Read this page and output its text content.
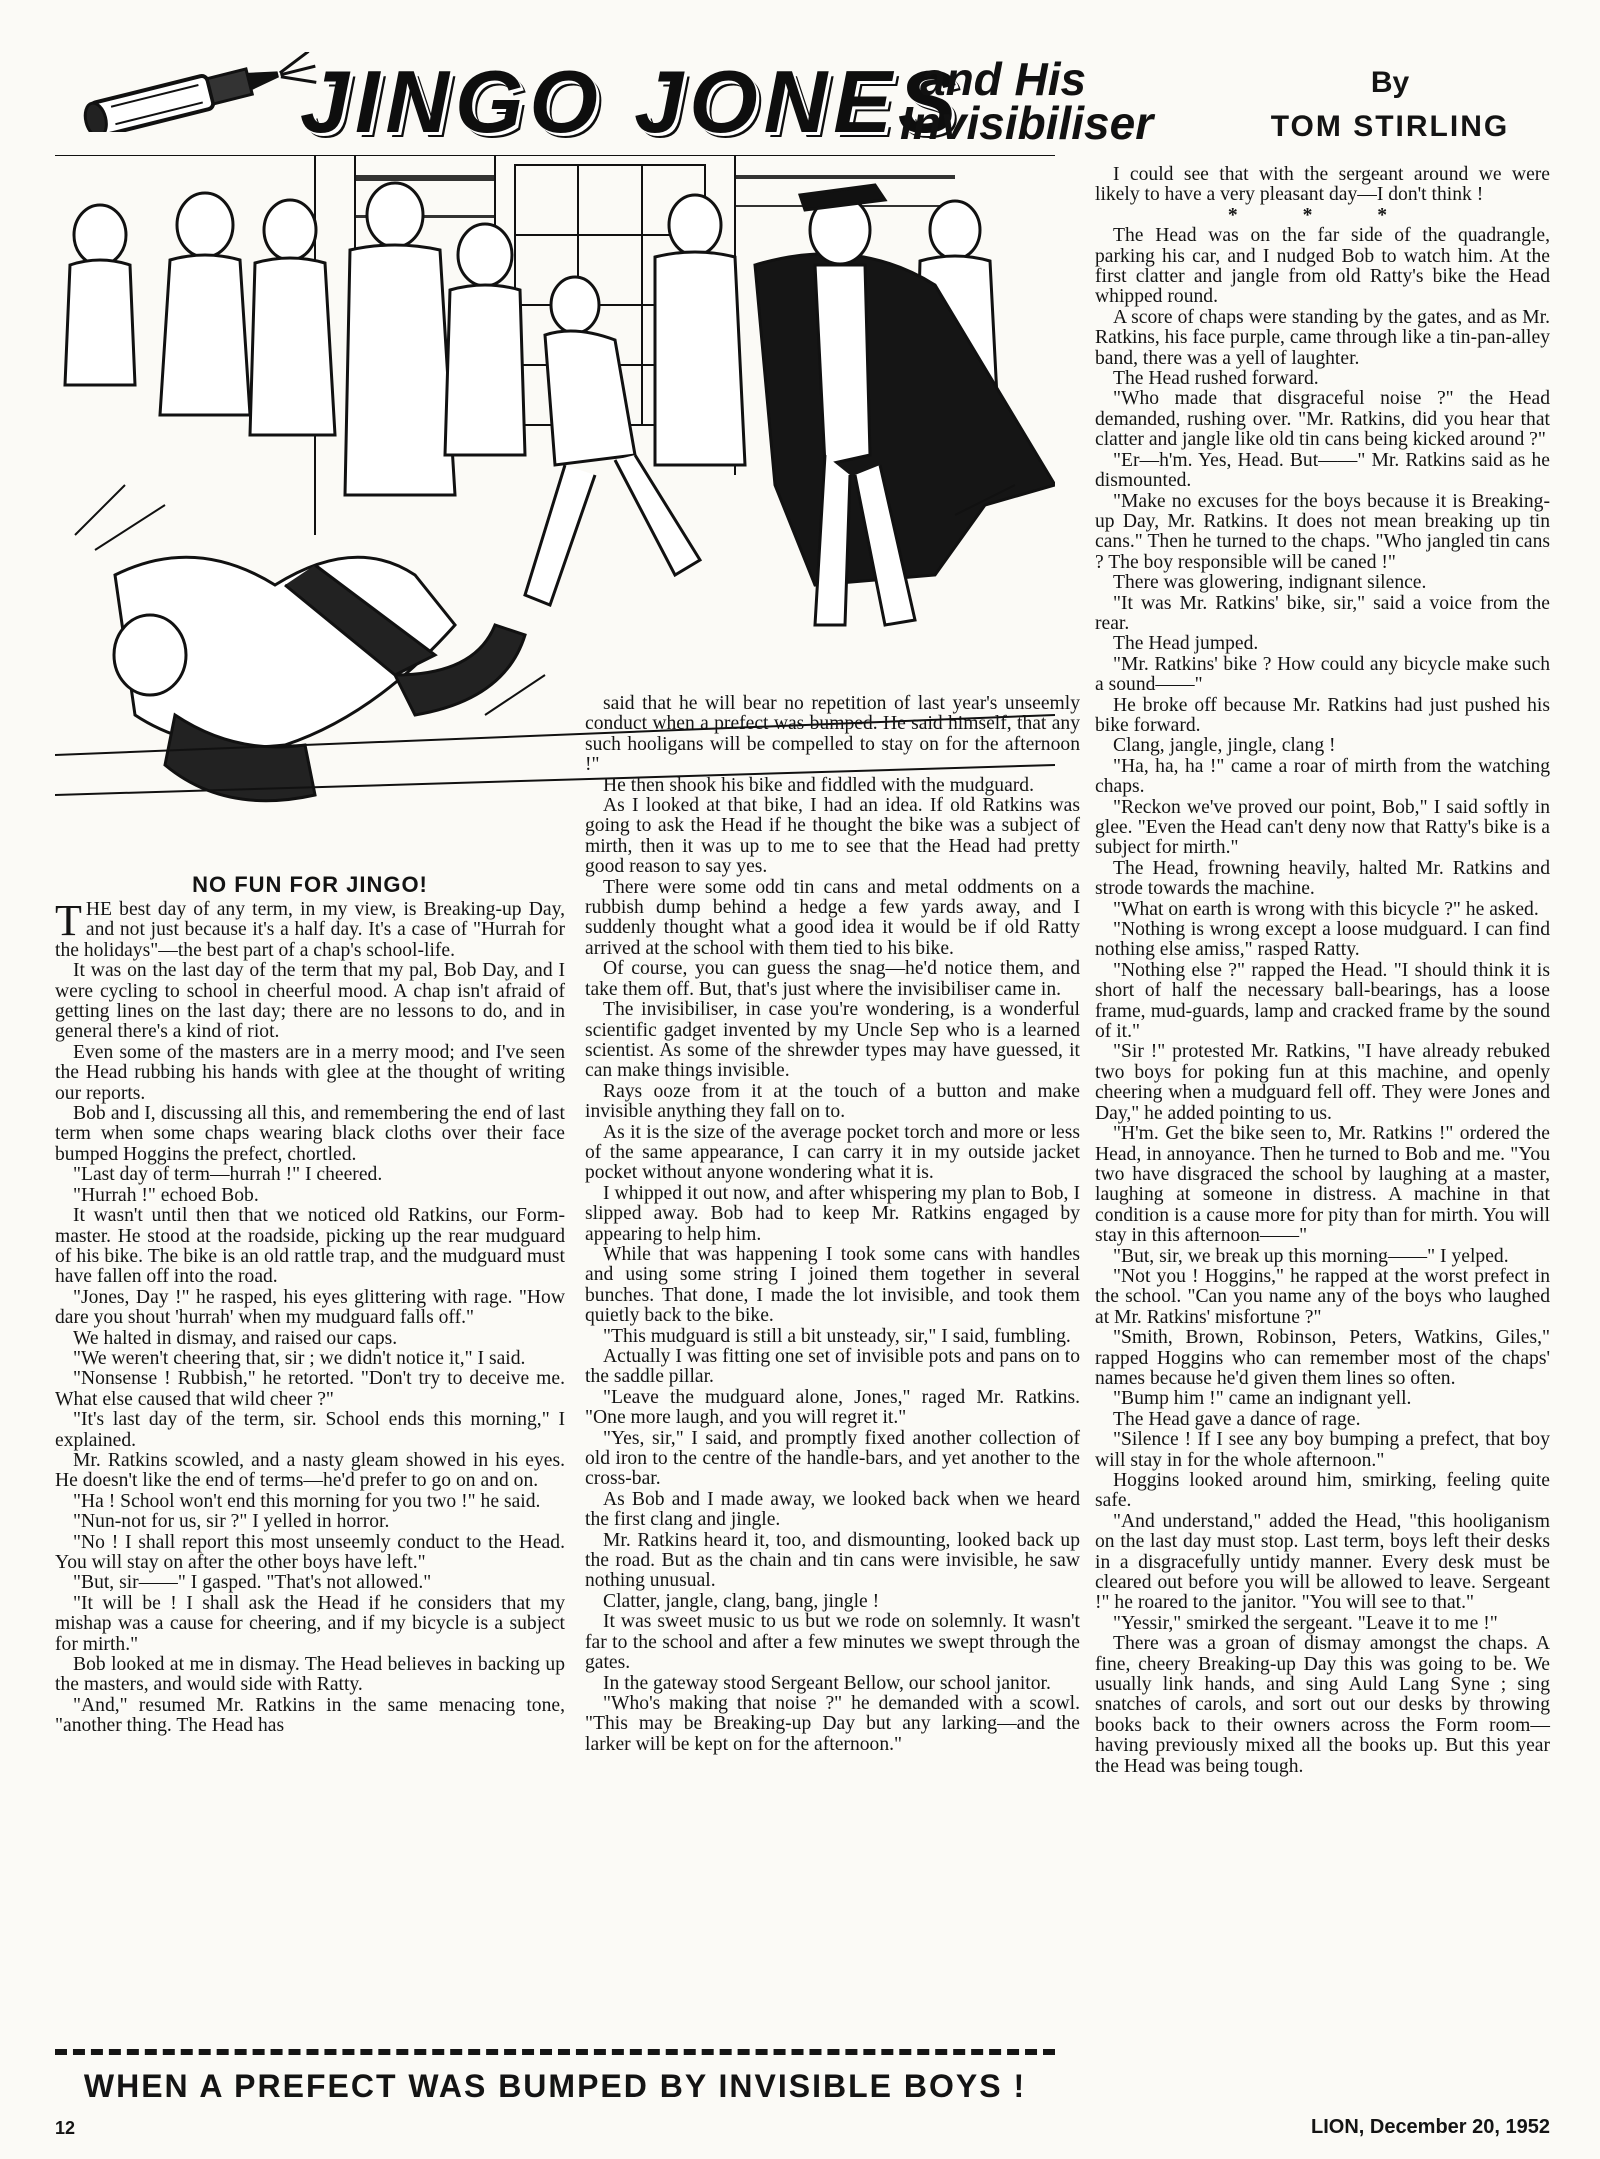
JINGO JONES
and His
Invisibiliser
By
TOM STIRLING
NO FUN FOR JINGO!

THE best day of any term, in my view, is Breaking-up Day, and not just because it's a half day. It's a case of "Hurrah for the holidays"—the best part of a chap's school-life.

It was on the last day of the term that my pal, Bob Day, and I were cycling to school in cheerful mood. A chap isn't afraid of getting lines on the last day; there are no lessons to do, and in general there's a kind of riot.

Even some of the masters are in a merry mood; and I've seen the Head rubbing his hands with glee at the thought of writing our reports.

Bob and I, discussing all this, and remembering the end of last term when some chaps wearing black cloths over their face bumped Hoggins the prefect, chortled.

"Last day of term—hurrah !" I cheered.

"Hurrah !" echoed Bob.

It wasn't until then that we noticed old Ratkins, our Form-master. He stood at the roadside, picking up the rear mudguard of his bike. The bike is an old rattle trap, and the mudguard must have fallen off into the road.

"Jones, Day !" he rasped, his eyes glittering with rage. "How dare you shout 'hurrah' when my mudguard falls off."

We halted in dismay, and raised our caps.

"We weren't cheering that, sir ; we didn't notice it," I said.

"Nonsense ! Rubbish," he retorted. "Don't try to deceive me. What else caused that wild cheer ?"

"It's last day of the term, sir. School ends this morning," I explained.

Mr. Ratkins scowled, and a nasty gleam showed in his eyes. He doesn't like the end of terms—he'd prefer to go on and on.

"Ha ! School won't end this morning for you two !" he said.

"Nun-not for us, sir ?" I yelled in horror.

"No ! I shall report this most unseemly conduct to the Head. You will stay on after the other boys have left."

"But, sir——" I gasped. "That's not allowed."

"It will be ! I shall ask the Head if he considers that my mishap was a cause for cheering, and if my bicycle is a subject for mirth."

Bob looked at me in dismay. The Head believes in backing up the masters, and would side with Ratty.

"And," resumed Mr. Ratkins in the same menacing tone, "another thing. The Head has

said that he will bear no repetition of last year's unseemly conduct when a prefect was bumped. He said himself, that any such hooligans will be compelled to stay on for the afternoon !"

He then shook his bike and fiddled with the mudguard.

As I looked at that bike, I had an idea. If old Ratkins was going to ask the Head if he thought the bike was a subject of mirth, then it was up to me to see that the Head had pretty good reason to say yes.

There were some odd tin cans and metal oddments on a rubbish dump behind a hedge a few yards away, and I suddenly thought what a good idea it would be if old Ratty arrived at the school with them tied to his bike.

Of course, you can guess the snag—he'd notice them, and take them off. But, that's just where the invisibiliser came in.

The invisibiliser, in case you're wondering, is a wonderful scientific gadget invented by my Uncle Sep who is a learned scientist. As some of the shrewder types may have guessed, it can make things invisible.

Rays ooze from it at the touch of a button and make invisible anything they fall on to.

As it is the size of the average pocket torch and more or less of the same appearance, I can carry it in my outside jacket pocket without anyone wondering what it is.

I whipped it out now, and after whispering my plan to Bob, I slipped away. Bob had to keep Mr. Ratkins engaged by appearing to help him.

While that was happening I took some cans with handles and using some string I joined them together in several bunches. That done, I made the lot invisible, and took them quietly back to the bike.

"This mudguard is still a bit unsteady, sir," I said, fumbling.

Actually I was fitting one set of invisible pots and pans on to the saddle pillar.

"Leave the mudguard alone, Jones," raged Mr. Ratkins. "One more laugh, and you will regret it."

"Yes, sir," I said, and promptly fixed another collection of old iron to the centre of the handle-bars, and yet another to the cross-bar.

As Bob and I made away, we looked back when we heard the first clang and jingle.

Mr. Ratkins heard it, too, and dismounting, looked back up the road. But as the chain and tin cans were invisible, he saw nothing unusual.

Clatter, jangle, clang, bang, jingle !

It was sweet music to us but we rode on solemnly. It wasn't far to the school and after a few minutes we swept through the gates.

In the gateway stood Sergeant Bellow, our school janitor.

"Who's making that noise ?" he demanded with a scowl. "This may be Breaking-up Day but any larking—and the larker will be kept on for the afternoon."

I could see that with the sergeant around we were likely to have a very pleasant day—I don't think !

* * *

The Head was on the far side of the quadrangle, parking his car, and I nudged Bob to watch him. At the first clatter and jangle from old Ratty's bike the Head whipped round.

A score of chaps were standing by the gates, and as Mr. Ratkins, his face purple, came through like a tin-pan-alley band, there was a yell of laughter.

The Head rushed forward.

"Who made that disgraceful noise ?" the Head demanded, rushing over. "Mr. Ratkins, did you hear that clatter and jangle like old tin cans being kicked around ?"

"Er—h'm. Yes, Head. But——" Mr. Ratkins said as he dismounted.

"Make no excuses for the boys because it is Breaking-up Day, Mr. Ratkins. It does not mean breaking up tin cans." Then he turned to the chaps. "Who jangled tin cans ? The boy responsible will be caned !"

There was glowering, indignant silence.

"It was Mr. Ratkins' bike, sir," said a voice from the rear.

The Head jumped.

"Mr. Ratkins' bike ? How could any bicycle make such a sound——"

He broke off because Mr. Ratkins had just pushed his bike forward.

Clang, jangle, jingle, clang !

"Ha, ha, ha !" came a roar of mirth from the watching chaps.

"Reckon we've proved our point, Bob," I said softly in glee. "Even the Head can't deny now that Ratty's bike is a subject for mirth."

The Head, frowning heavily, halted Mr. Ratkins and strode towards the machine.

"What on earth is wrong with this bicycle ?" he asked.

"Nothing is wrong except a loose mudguard. I can find nothing else amiss," rasped Ratty.

"Nothing else ?" rapped the Head. "I should think it is short of half the necessary ball-bearings, has a loose frame, mud-guards, lamp and cracked frame by the sound of it."

"Sir !" protested Mr. Ratkins, "I have already rebuked two boys for poking fun at this machine, and openly cheering when a mudguard fell off. They were Jones and Day," he added pointing to us.

"H'm. Get the bike seen to, Mr. Ratkins !" ordered the Head, in annoyance. Then he turned to Bob and me. "You two have disgraced the school by laughing at a master, laughing at someone in distress. A machine in that condition is a cause more for pity than for mirth. You will stay in this afternoon——"

"But, sir, we break up this morning——" I yelped.

"Not you ! Hoggins," he rapped at the worst prefect in the school. "Can you name any of the boys who laughed at Mr. Ratkins' misfortune ?"

"Smith, Brown, Robinson, Peters, Watkins, Giles," rapped Hoggins who can remember most of the chaps' names because he'd given them lines so often.

"Bump him !" came an indignant yell.

The Head gave a dance of rage.

"Silence ! If I see any boy bumping a prefect, that boy will stay in for the whole afternoon."

Hoggins looked around him, smirking, feeling quite safe.

"And understand," added the Head, "this hooliganism on the last day must stop. Last term, boys left their desks in a disgracefully untidy manner. Every desk must be cleared out before you will be allowed to leave. Sergeant !" he roared to the janitor. "You will see to that."

"Yessir," smirked the sergeant. "Leave it to me !"

There was a groan of dismay amongst the chaps. A fine, cheery Breaking-up Day this was going to be. We usually link hands, and sing Auld Lang Syne ; sing snatches of carols, and sort out our desks by throwing books back to their owners across the Form room—having previously mixed all the books up. But this year the Head was being tough.

WHEN A PREFECT WAS BUMPED BY INVISIBLE BOYS !
12	LION, December 20, 1952
